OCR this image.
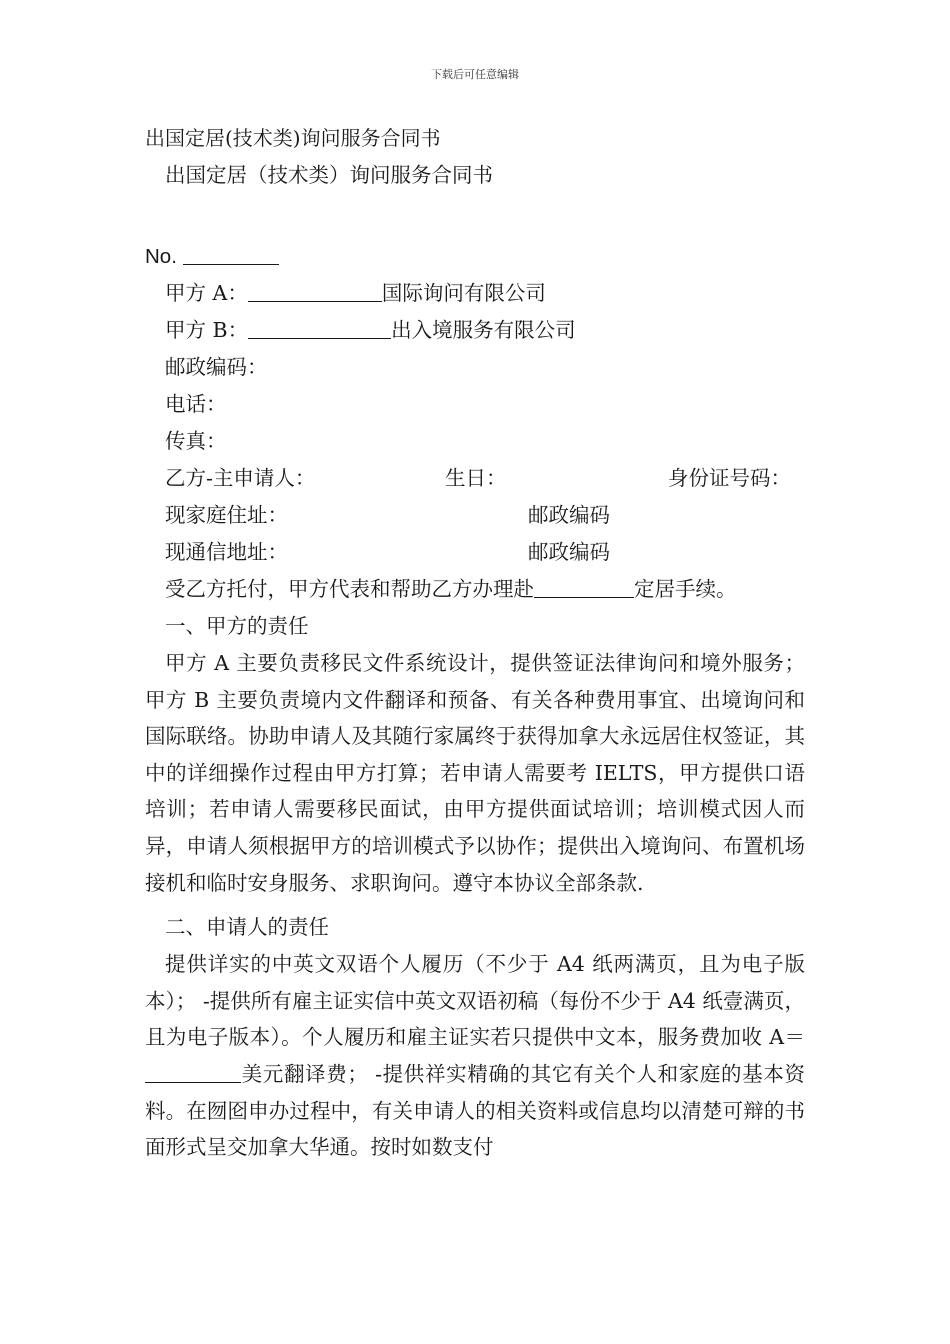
下载后可任意编辑
出国定居(技术类)询问服务合同书
出国定居（技术类）询问服务合同书
No.
甲方 A：	国际询问有限公司
甲方 B：	出入境服务有限公司
邮政编码：
电话：
传真：
乙方-主申请人：	生日：	身份证号码：
现家庭住址：	邮政编码
现通信地址：	邮政编码
受乙方托付，甲方代表和帮助乙方办理赴	定居手续。
一、甲方的责任
甲方 A 主要负责移民文件系统设计，提供签证法律询问和境外服务；甲方 B 主要负责境内文件翻译和预备、有关各种费用事宜、出境询问和国际联络。协助申请人及其随行家属终于获得加拿大永远居住权签证，其中的详细操作过程由甲方打算；若申请人需要考 IELTS，甲方提供口语培训；若申请人需要移民面试，由甲方提供面试培训；培训模式因人而异，申请人须根据甲方的培训模式予以协作；提供出入境询问、布置机场接机和临时安身服务、求职询问。遵守本协议全部条款.
二、申请人的责任
提供详实的中英文双语个人履历（不少于 A4 纸两满页，且为电子版本）； -提供所有雇主证实信中英文双语初稿（每份不少于 A4 纸壹满页，且为电子版本）。个人履历和雇主证实若只提供中文本，服务费加收 A＝美元翻译费； -提供祥实精确的其它有关个人和家庭的基本资料。在囫囵申办过程中，有关申请人的相关资料或信息均以清楚可辩的书面形式呈交加拿大华通。按时如数支付
